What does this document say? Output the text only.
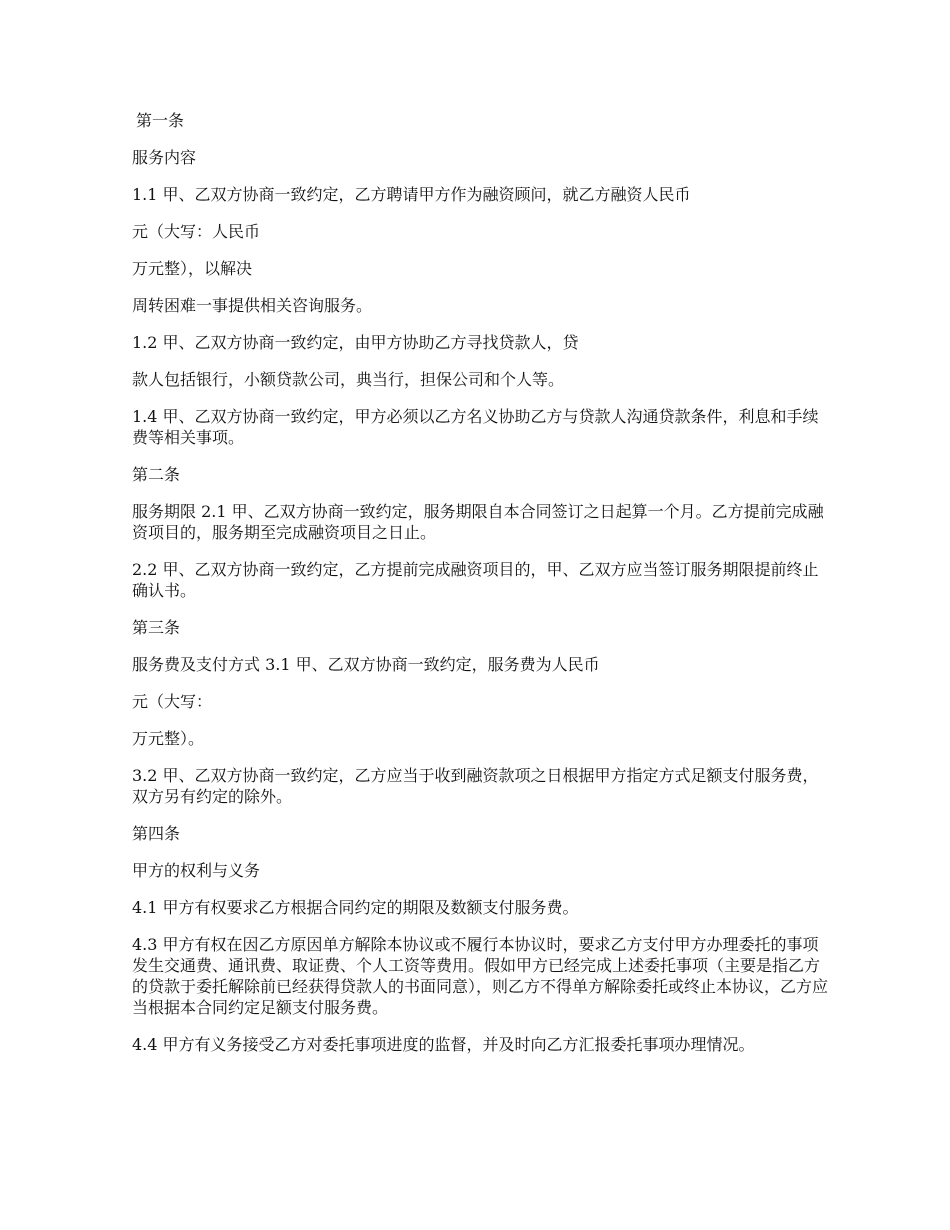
第一条

服务内容

1.1 甲、乙双方协商一致约定，乙方聘请甲方作为融资顾问，就乙方融资人民币

元（大写：人民币

万元整），以解决

周转困难一事提供相关咨询服务。

1.2 甲、乙双方协商一致约定，由甲方协助乙方寻找贷款人，贷

款人包括银行，小额贷款公司，典当行，担保公司和个人等。

1.4 甲、乙双方协商一致约定，甲方必须以乙方名义协助乙方与贷款人沟通贷款条件，利息和手续费等相关事项。

第二条

服务期限 2.1 甲、乙双方协商一致约定，服务期限自本合同签订之日起算一个月。乙方提前完成融资项目的，服务期至完成融资项目之日止。

2.2 甲、乙双方协商一致约定，乙方提前完成融资项目的，甲、乙双方应当签订服务期限提前终止确认书。

第三条

服务费及支付方式 3.1 甲、乙双方协商一致约定，服务费为人民币

元（大写：

万元整）。

3.2 甲、乙双方协商一致约定，乙方应当于收到融资款项之日根据甲方指定方式足额支付服务费，双方另有约定的除外。

第四条

甲方的权利与义务

4.1 甲方有权要求乙方根据合同约定的期限及数额支付服务费。

4.3 甲方有权在因乙方原因单方解除本协议或不履行本协议时，要求乙方支付甲方办理委托的事项发生交通费、通讯费、取证费、个人工资等费用。假如甲方已经完成上述委托事项（主要是指乙方的贷款于委托解除前已经获得贷款人的书面同意），则乙方不得单方解除委托或终止本协议，乙方应当根据本合同约定足额支付服务费。

4.4 甲方有义务接受乙方对委托事项进度的监督，并及时向乙方汇报委托事项办理情况。
